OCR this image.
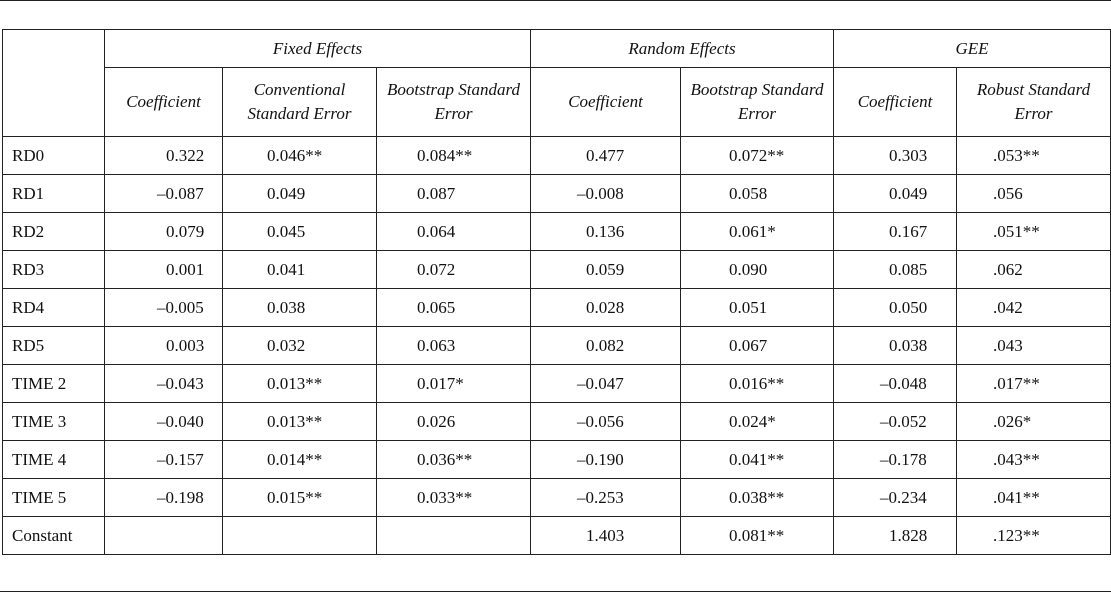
	Fixed Effects			Random Effects		GEE	
	Coefficient	Conventional Standard Error	Bootstrap Standard Error	Coefficient	Bootstrap Standard Error	Coefficient	Robust Standard Error
RD0	0.322	0.046**	0.084**	0.477	0.072**	0.303	.053**
RD1	–0.087	0.049	0.087	–0.008	0.058	0.049	.056
RD2	0.079	0.045	0.064	0.136	0.061*	0.167	.051**
RD3	0.001	0.041	0.072	0.059	0.090	0.085	.062
RD4	–0.005	0.038	0.065	0.028	0.051	0.050	.042
RD5	0.003	0.032	0.063	0.082	0.067	0.038	.043
TIME 2	–0.043	0.013**	0.017*	–0.047	0.016**	–0.048	.017**
TIME 3	–0.040	0.013**	0.026	–0.056	0.024*	–0.052	.026*
TIME 4	–0.157	0.014**	0.036**	–0.190	0.041**	–0.178	.043**
TIME 5	–0.198	0.015**	0.033**	–0.253	0.038**	–0.234	.041**
Constant				1.403	0.081**	1.828	.123**
